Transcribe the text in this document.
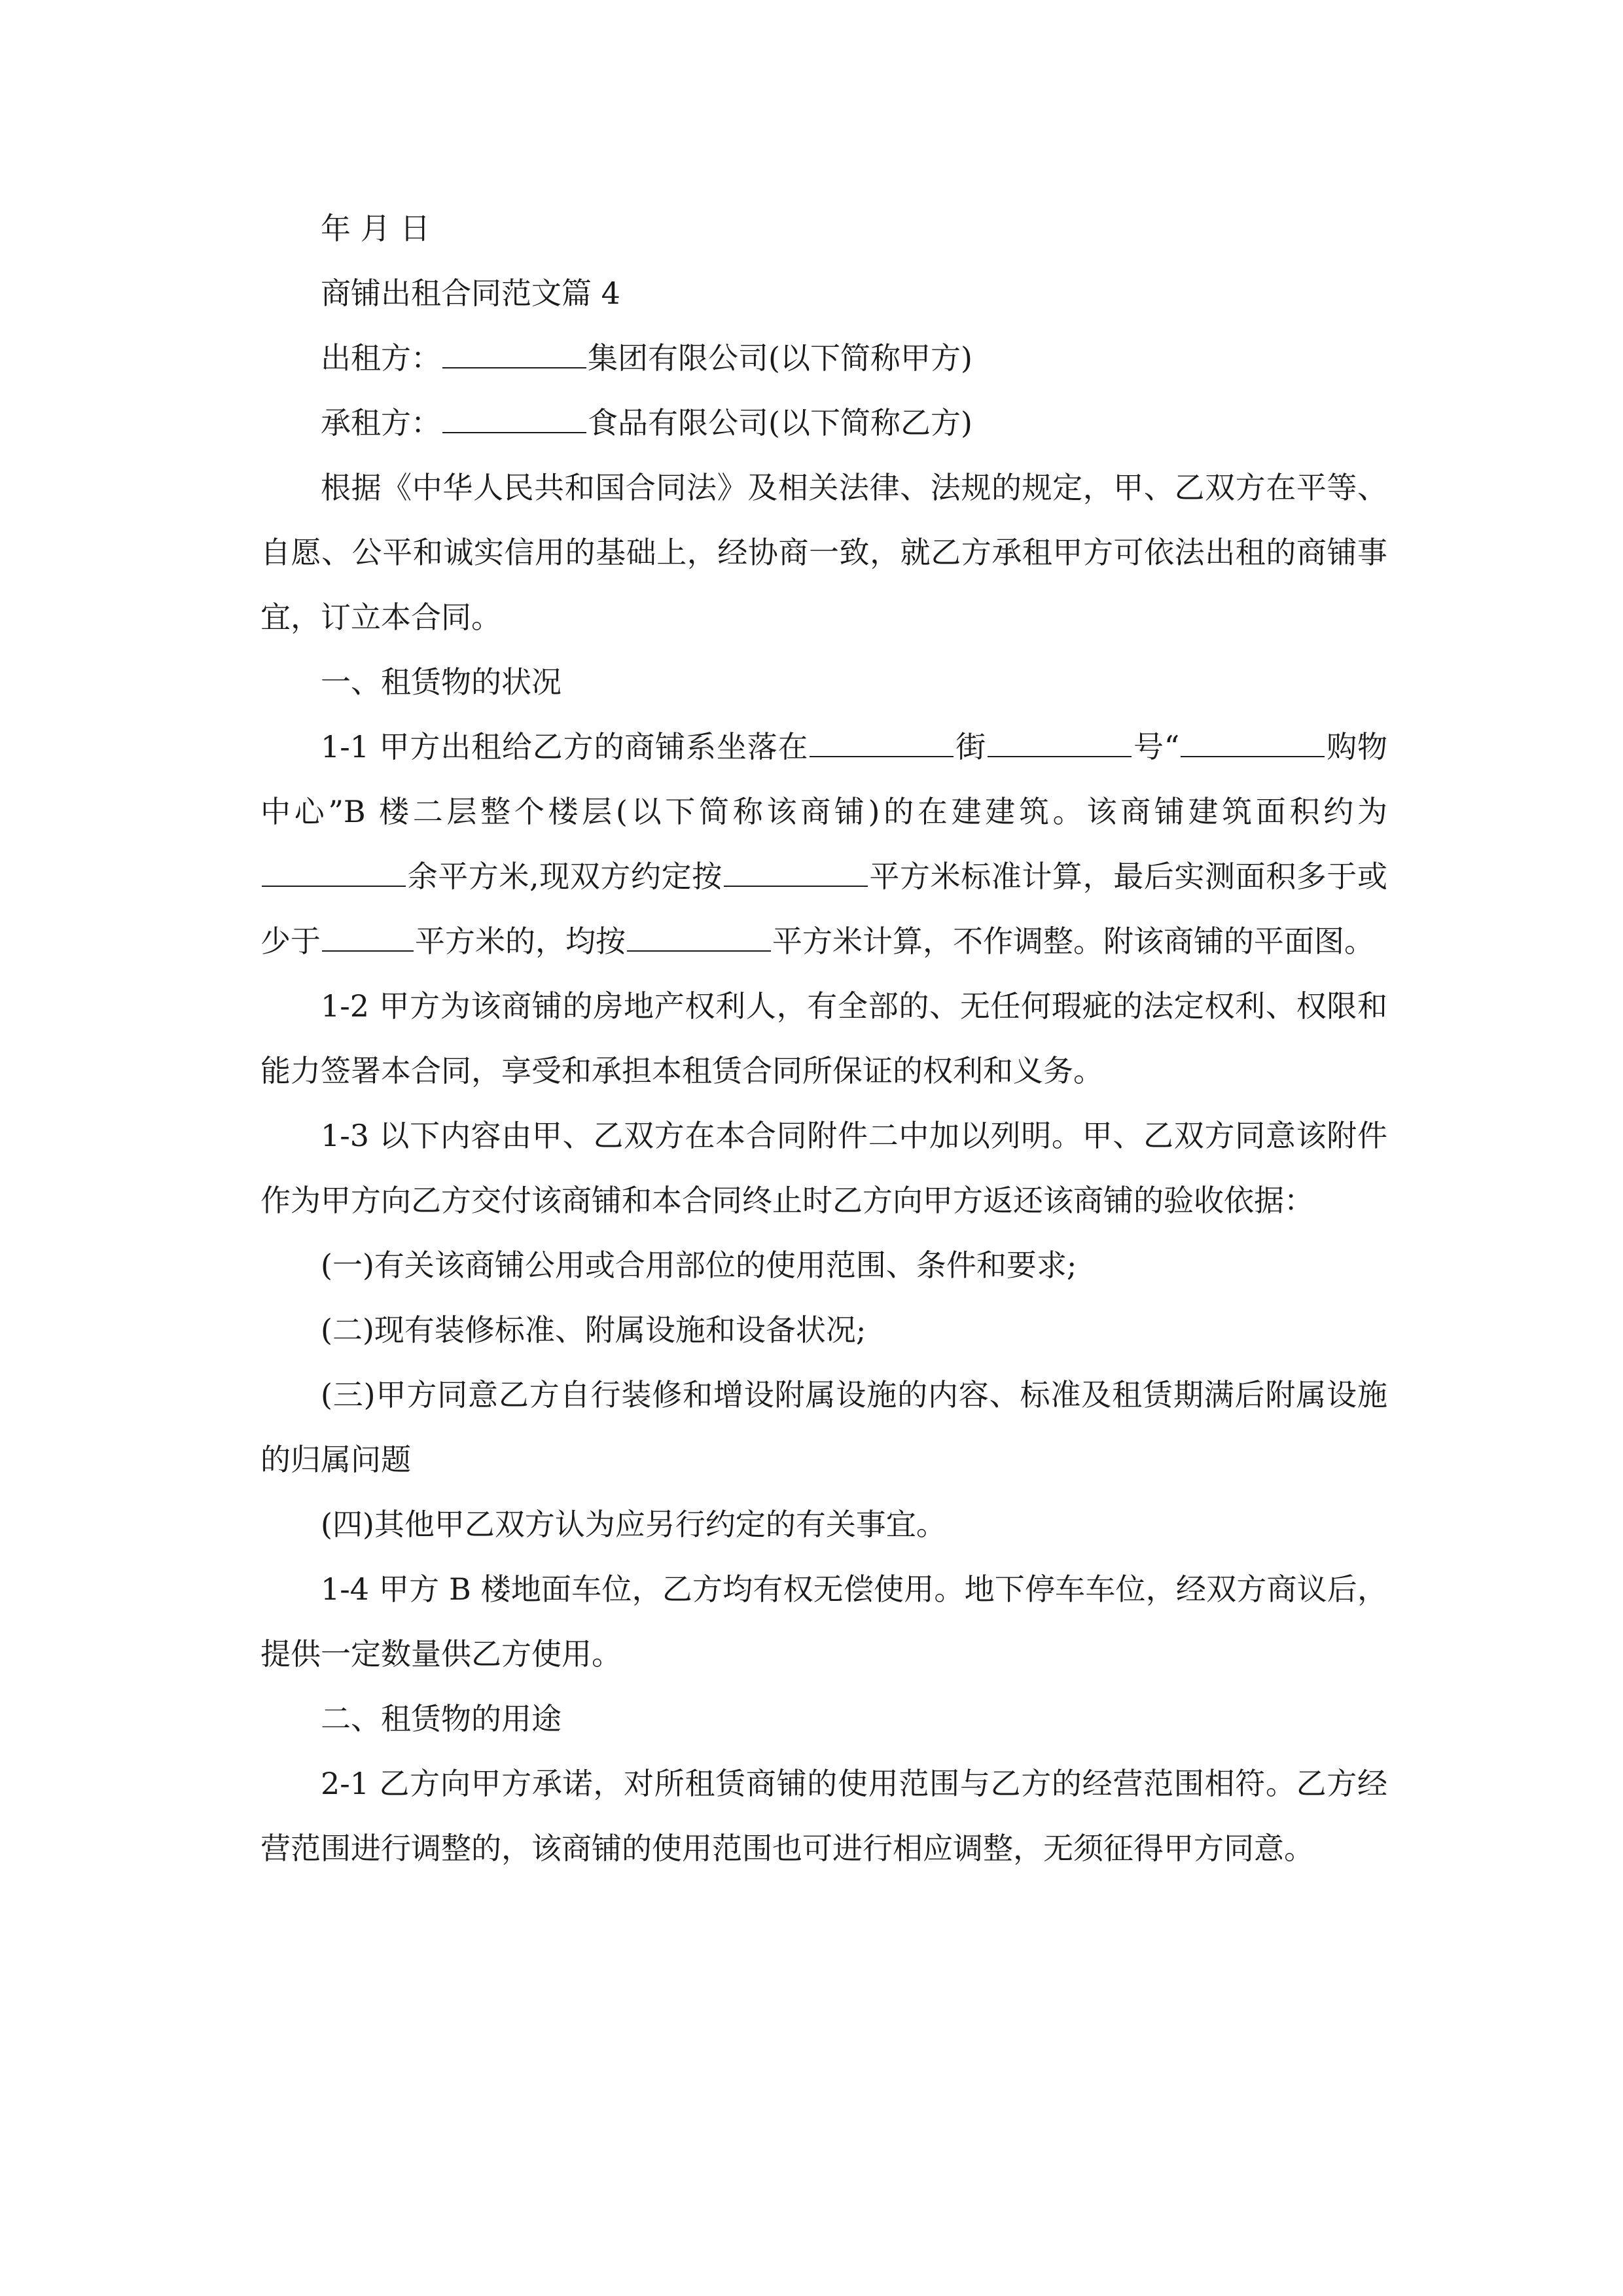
年 月 日

商铺出租合同范文篇 4

出租方：	集团有限公司(以下简称甲方)

承租方：	食品有限公司(以下简称乙方)

根据《中华人民共和国合同法》及相关法律、法规的规定，甲、乙双方在平等、自愿、公平和诚实信用的基础上，经协商一致，就乙方承租甲方可依法出租的商铺事宜，订立本合同。

一、租赁物的状况

1-1 甲方出租给乙方的商铺系坐落在	街	号“	购物中心”B 楼二层整个楼层(以下简称该商铺)的在建建筑。该商铺建筑面积约为余平方米,现双方约定按	平方米标准计算，最后实测面积多于或少于	平方米的，均按	平方米计算，不作调整。附该商铺的平面图。

1-2 甲方为该商铺的房地产权利人，有全部的、无任何瑕疵的法定权利、权限和能力签署本合同，享受和承担本租赁合同所保证的权利和义务。

1-3 以下内容由甲、乙双方在本合同附件二中加以列明。甲、乙双方同意该附件作为甲方向乙方交付该商铺和本合同终止时乙方向甲方返还该商铺的验收依据：

(一)有关该商铺公用或合用部位的使用范围、条件和要求;

(二)现有装修标准、附属设施和设备状况;

(三)甲方同意乙方自行装修和增设附属设施的内容、标准及租赁期满后附属设施的归属问题

(四)其他甲乙双方认为应另行约定的有关事宜。

1-4 甲方 B 楼地面车位，乙方均有权无偿使用。地下停车车位，经双方商议后，提供一定数量供乙方使用。

二、租赁物的用途

2-1 乙方向甲方承诺，对所租赁商铺的使用范围与乙方的经营范围相符。乙方经营范围进行调整的，该商铺的使用范围也可进行相应调整，无须征得甲方同意。
